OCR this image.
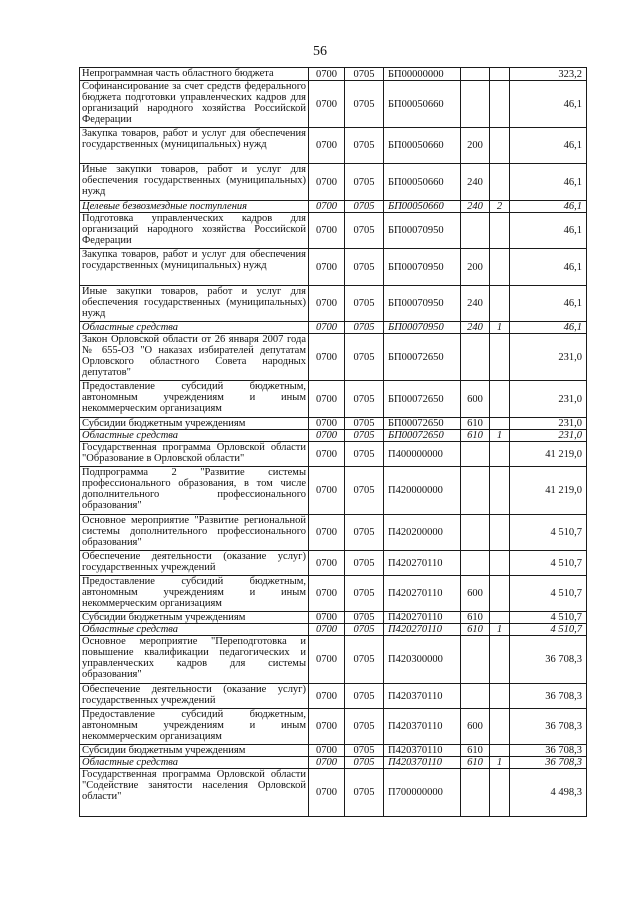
56
Непрограммная часть областного бюджета	0700	0705	БП00000000			323,2
Софинансирование за счет средств федерального бюджета подготовки управленческих кадров для организаций народного хозяйства Российской Федерации	0700	0705	БП00050660			46,1
Закупка товаров, работ и услуг для обеспечения государственных (муниципальных) нужд	0700	0705	БП00050660	200		46,1
Иные закупки товаров, работ и услуг для обеспечения государственных (муниципальных) нужд	0700	0705	БП00050660	240		46,1
Целевые безвозмездные поступления	0700	0705	БП00050660	240	2	46,1
Подготовка управленческих кадров для организаций народного хозяйства Российской Федерации	0700	0705	БП00070950			46,1
Закупка товаров, работ и услуг для обеспечения государственных (муниципальных) нужд	0700	0705	БП00070950	200		46,1
Иные закупки товаров, работ и услуг для обеспечения государственных (муниципальных) нужд	0700	0705	БП00070950	240		46,1
Областные средства	0700	0705	БП00070950	240	1	46,1
Закон Орловской области от 26 января 2007 года № 655-ОЗ "О наказах избирателей депутатам Орловского областного Совета народных депутатов"	0700	0705	БП00072650			231,0
Предоставление субсидий бюджетным, автономным учреждениям и иным некоммерческим организациям	0700	0705	БП00072650	600		231,0
Субсидии бюджетным учреждениям	0700	0705	БП00072650	610		231,0
Областные средства	0700	0705	БП00072650	610	1	231,0
Государственная программа Орловской области "Образование в Орловской области"	0700	0705	П400000000			41 219,0
Подпрограмма 2 "Развитие системы профессионального образования, в том числе дополнительного профессионального образования"	0700	0705	П420000000			41 219,0
Основное мероприятие "Развитие региональной системы дополнительного профессионального образования"	0700	0705	П420200000			4 510,7
Обеспечение деятельности (оказание услуг) государственных учреждений	0700	0705	П420270110			4 510,7
Предоставление субсидий бюджетным, автономным учреждениям и иным некоммерческим организациям	0700	0705	П420270110	600		4 510,7
Субсидии бюджетным учреждениям	0700	0705	П420270110	610		4 510,7
Областные средства	0700	0705	П420270110	610	1	4 510,7
Основное мероприятие "Переподготовка и повышение квалификации педагогических и управленческих кадров для системы образования"	0700	0705	П420300000			36 708,3
Обеспечение деятельности (оказание услуг) государственных учреждений	0700	0705	П420370110			36 708,3
Предоставление субсидий бюджетным, автономным учреждениям и иным некоммерческим организациям	0700	0705	П420370110	600		36 708,3
Субсидии бюджетным учреждениям	0700	0705	П420370110	610		36 708,3
Областные средства	0700	0705	П420370110	610	1	36 708,3
Государственная программа Орловской области "Содействие занятости населения Орловской области"	0700	0705	П700000000			4 498,3
